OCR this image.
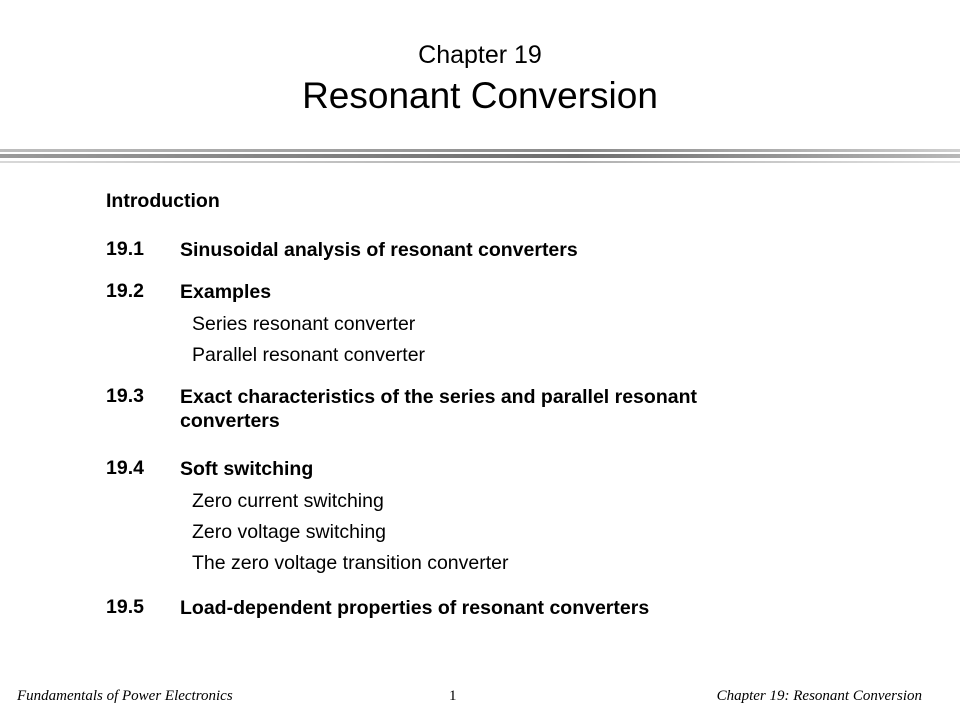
Chapter 19
Resonant Conversion
Introduction
19.1	Sinusoidal analysis of resonant converters
19.2	Examples
Series resonant converter
Parallel resonant converter
19.3	Exact characteristics of the series and parallel resonant
converters
19.4	Soft switching
Zero current switching
Zero voltage switching
The zero voltage transition converter
19.5	Load-dependent properties of resonant converters
Fundamentals of Power Electronics	1	Chapter 19: Resonant Conversion
